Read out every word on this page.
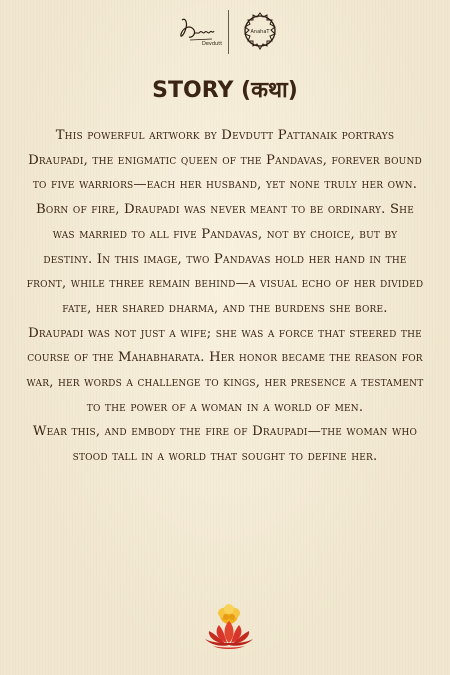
Devdutt
AnahaT
STORY (कथा)

This powerful artwork by Devdutt Pattanaik portrays Draupadi, the enigmatic queen of the Pandavas, forever bound to five warriors—each her husband, yet none truly her own.

Born of fire, Draupadi was never meant to be ordinary. She was married to all five Pandavas, not by choice, but by destiny. In this image, two Pandavas hold her hand in the front, while three remain behind—a visual echo of her divided fate, her shared dharma, and the burdens she bore.

Draupadi was not just a wife; she was a force that steered the course of the Mahabharata. Her honor became the reason for war, her words a challenge to kings, her presence a testament to the power of a woman in a world of men.

Wear this, and embody the fire of Draupadi—the woman who stood tall in a world that sought to define her.
